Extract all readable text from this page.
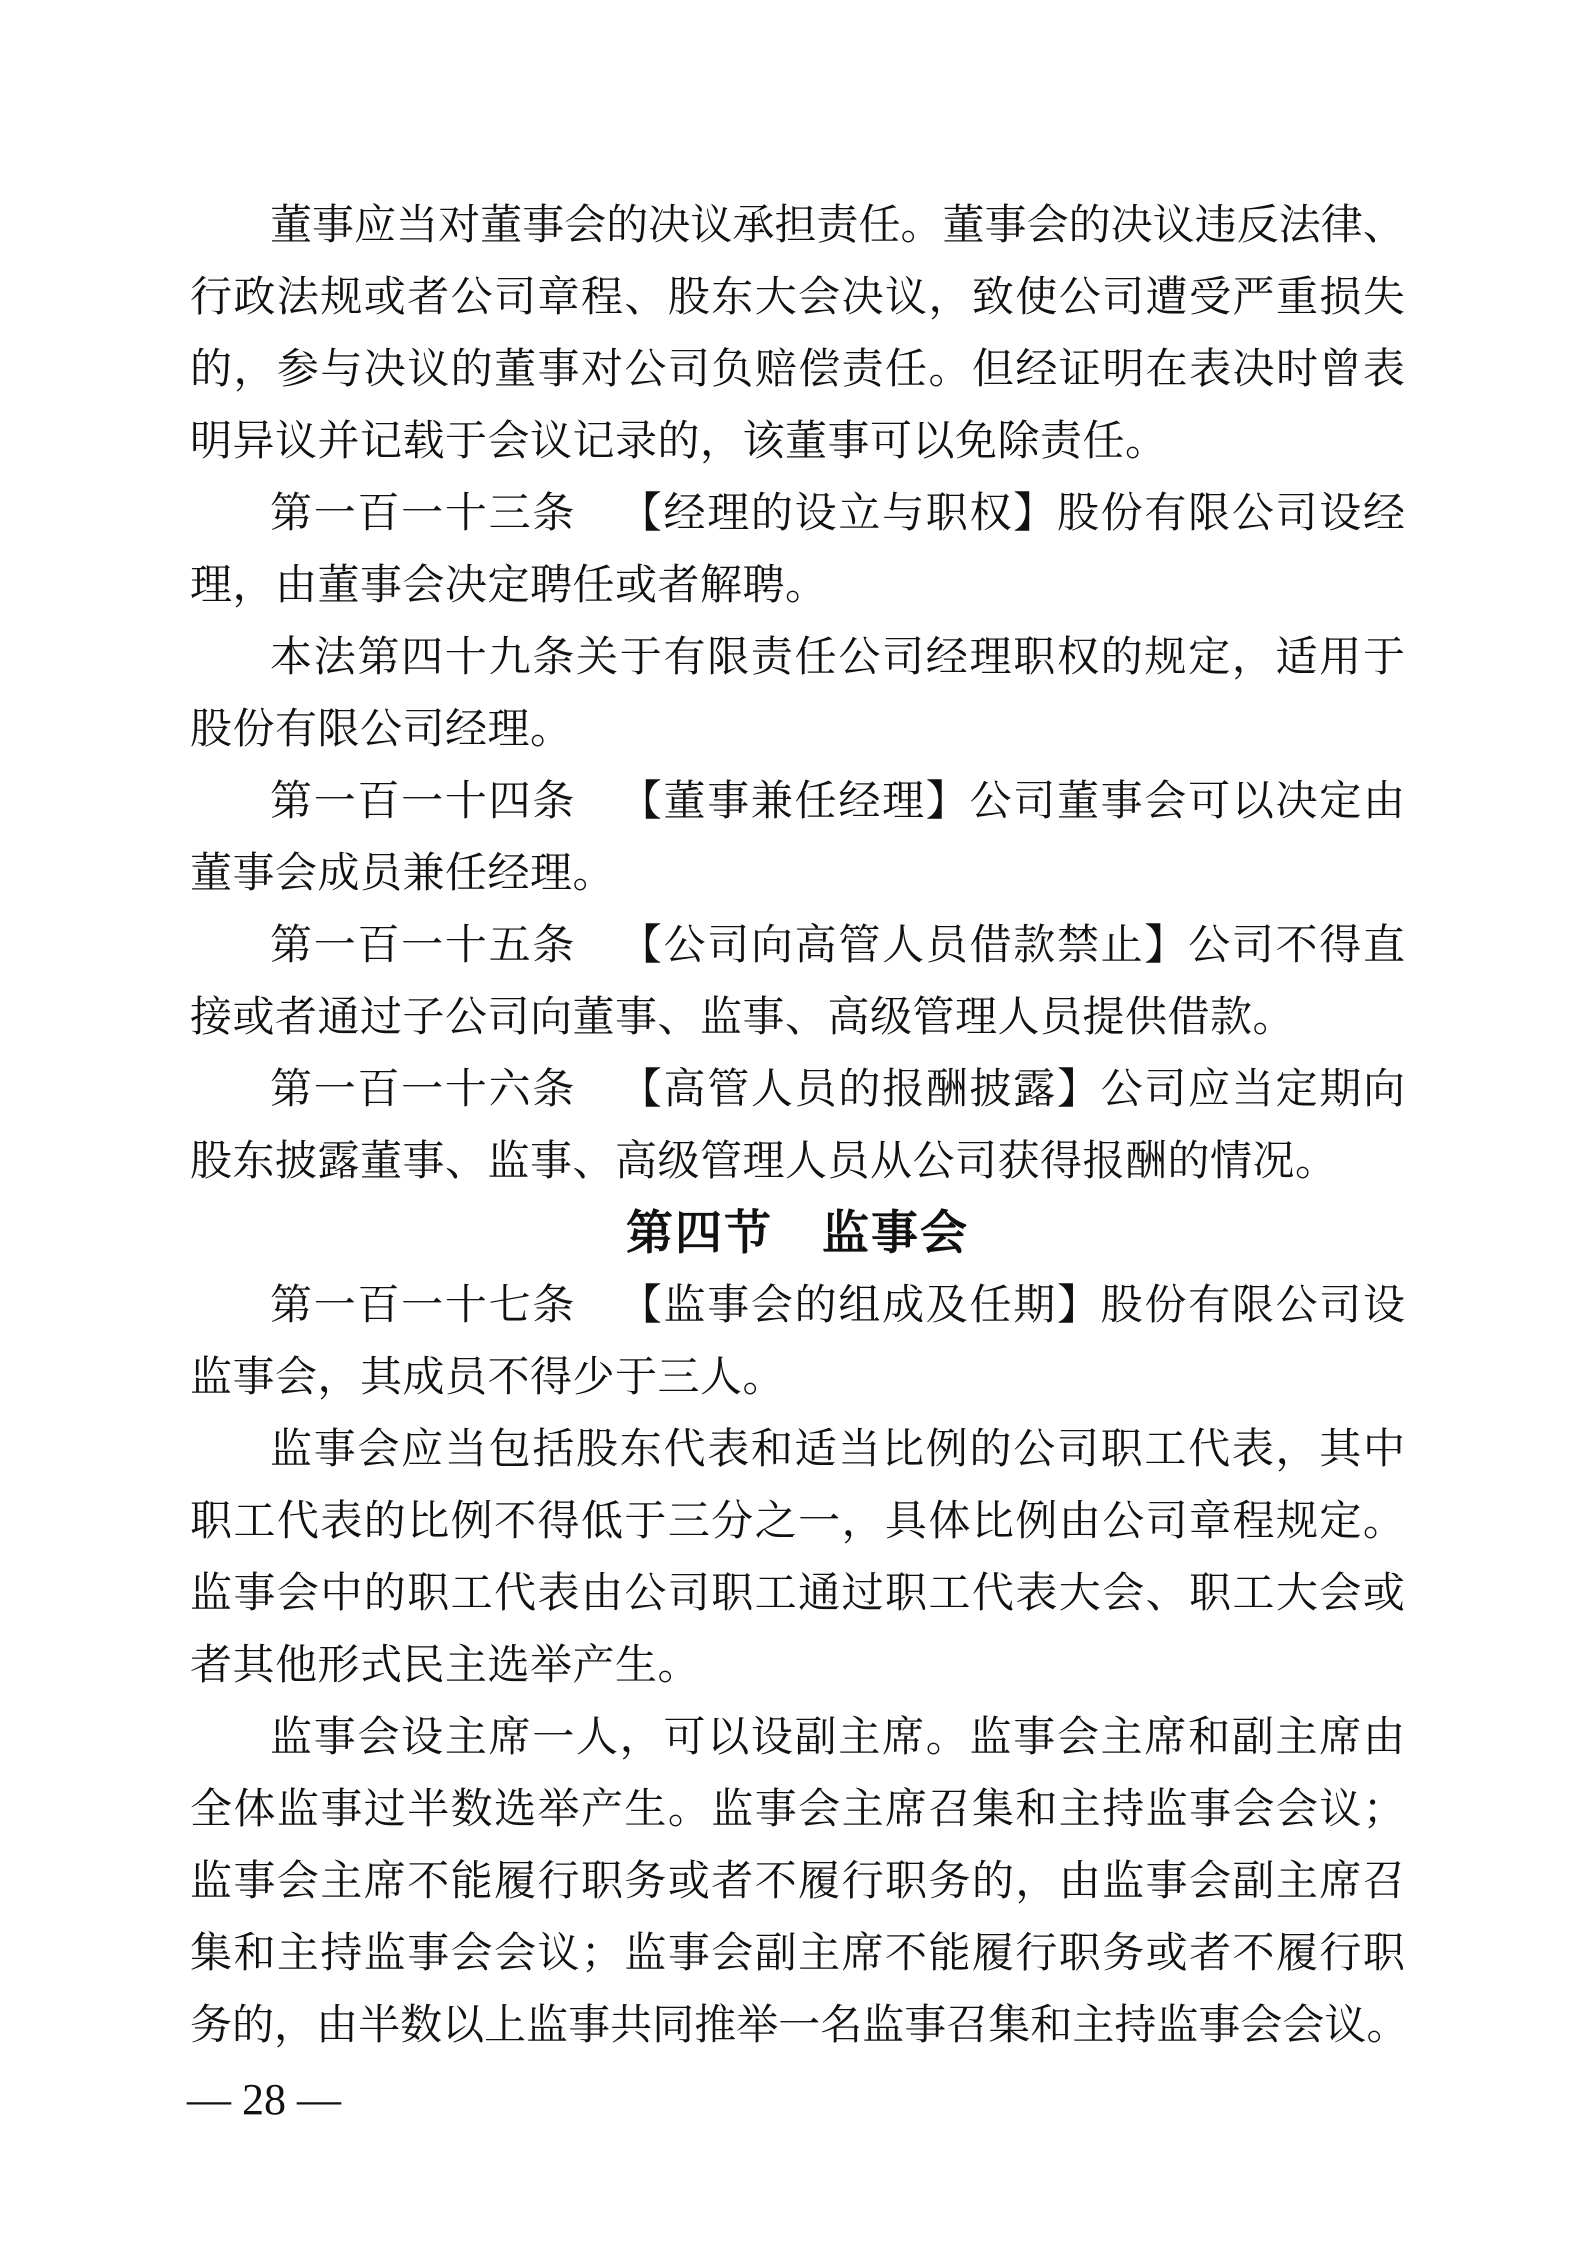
董 事 应 当 对 董 事 会 的 决 议 承 担 责 任 。 董 事 会 的 决 议 违 反 法 律 、
行 政 法 规 或 者 公 司 章 程 、 股 东 大 会 决 议 ， 致 使 公 司 遭 受 严 重 损 失
的 ， 参 与 决 议 的 董 事 对 公 司 负 赔 偿 责 任 。 但 经 证 明 在 表 决 时 曾 表
明异议并记载于会议记录的，该董事可以免除责任。
第 一 百 一 十 三 条
　 【 经 理 的 设 立 与 职 权 】 股 份 有 限 公 司 设 经
理，由董事会决定聘任或者解聘。
本 法 第 四 十 九 条 关 于 有 限 责 任 公 司 经 理 职 权 的 规 定 ， 适 用 于
股份有限公司经理。
第 一 百 一 十 四 条
　 【 董 事 兼 任 经 理 】 公 司 董 事 会 可 以 决 定 由
董事会成员兼任经理。
第 一 百 一 十 五 条
　 【 公 司 向 高 管 人 员 借 款 禁 止 】 公 司 不 得 直
接或者通过子公司向董事、监事、高级管理人员提供借款。
第 一 百 一 十 六 条
　 【 高 管 人 员 的 报 酬 披 露 】 公 司 应 当 定 期 向
股东披露董事、监事、高级管理人员从公司获得报酬的情况。
第四节　监事会
第 一 百 一 十 七 条
　 【 监 事 会 的 组 成 及 任 期 】 股 份 有 限 公 司 设
监事会，其成员不得少于三人。
监 事 会 应 当 包 括 股 东 代 表 和 适 当 比 例 的 公 司 职 工 代 表 ， 其 中
职 工 代 表 的 比 例 不 得 低 于 三 分 之 一 ， 具 体 比 例 由 公 司 章 程 规 定 。
监 事 会 中 的 职 工 代 表 由 公 司 职 工 通 过 职 工 代 表 大 会 、 职 工 大 会 或
者其他形式民主选举产生。
监 事 会 设 主 席 一 人 ， 可 以 设 副 主 席 。 监 事 会 主 席 和 副 主 席 由
全 体 监 事 过 半 数 选 举 产 生 。 监 事 会 主 席 召 集 和 主 持 监 事 会 会 议 ；
监 事 会 主 席 不 能 履 行 职 务 或 者 不 履 行 职 务 的 ， 由 监 事 会 副 主 席 召
集 和 主 持 监 事 会 会 议 ； 监 事 会 副 主 席 不 能 履 行 职 务 或 者 不 履 行 职
务 的 ， 由 半 数 以 上 监 事 共 同 推 举 一 名 监 事 召 集 和 主 持 监 事 会 会 议 。
— 28 —
